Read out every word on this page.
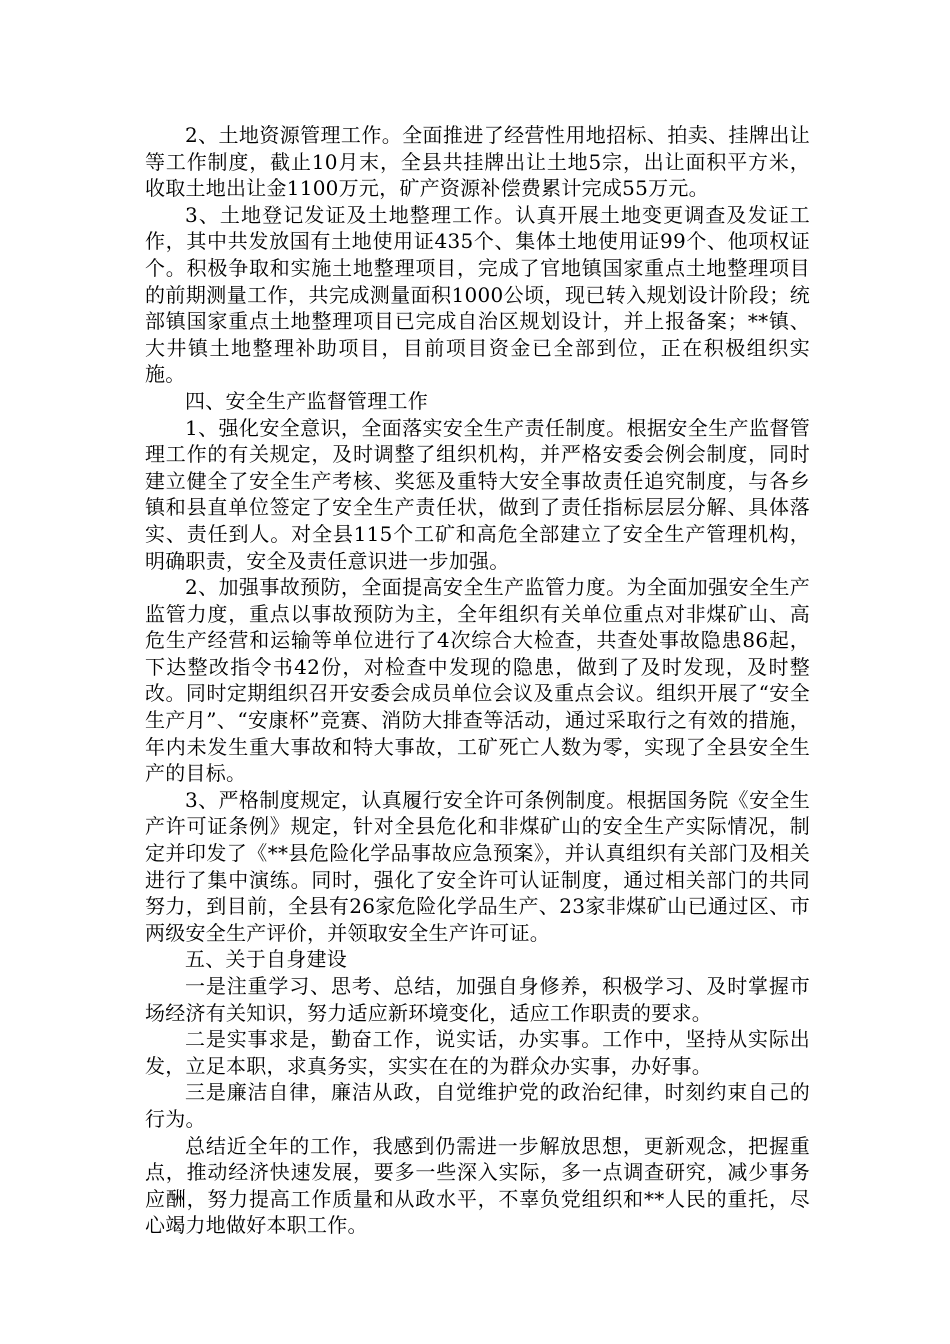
2、土地资源管理工作。全面推进了经营性用地招标、拍卖、挂牌出让等工作制度，截止10月末，全县共挂牌出让土地5宗，出让面积平方米，收取土地出让金1100万元，矿产资源补偿费累计完成55万元。

3、土地登记发证及土地整理工作。认真开展土地变更调查及发证工作，其中共发放国有土地使用证435个、集体土地使用证99个、他项权证个。积极争取和实施土地整理项目，完成了官地镇国家重点土地整理项目的前期测量工作，共完成测量面积1000公顷，现已转入规划设计阶段；统部镇国家重点土地整理项目已完成自治区规划设计，并上报备案；**镇、大井镇土地整理补助项目，目前项目资金已全部到位，正在积极组织实施。

四、安全生产监督管理工作

1、强化安全意识，全面落实安全生产责任制度。根据安全生产监督管理工作的有关规定，及时调整了组织机构，并严格安委会例会制度，同时建立健全了安全生产考核、奖惩及重特大安全事故责任追究制度，与各乡镇和县直单位签定了安全生产责任状，做到了责任指标层层分解、具体落实、责任到人。对全县115个工矿和高危全部建立了安全生产管理机构，明确职责，安全及责任意识进一步加强。

2、加强事故预防，全面提高安全生产监管力度。为全面加强安全生产监管力度，重点以事故预防为主，全年组织有关单位重点对非煤矿山、高危生产经营和运输等单位进行了4次综合大检查，共查处事故隐患86起，下达整改指令书42份，对检查中发现的隐患，做到了及时发现，及时整改。同时定期组织召开安委会成员单位会议及重点会议。组织开展了“安全生产月”、“安康杯”竞赛、消防大排查等活动，通过采取行之有效的措施，年内未发生重大事故和特大事故，工矿死亡人数为零，实现了全县安全生产的目标。

3、严格制度规定，认真履行安全许可条例制度。根据国务院《安全生产许可证条例》规定，针对全县危化和非煤矿山的安全生产实际情况，制定并印发了《**县危险化学品事故应急预案》，并认真组织有关部门及相关进行了集中演练。同时，强化了安全许可认证制度，通过相关部门的共同努力，到目前，全县有26家危险化学品生产、23家非煤矿山已通过区、市两级安全生产评价，并领取安全生产许可证。

五、关于自身建设

一是注重学习、思考、总结，加强自身修养，积极学习、及时掌握市场经济有关知识，努力适应新环境变化，适应工作职责的要求。

二是实事求是，勤奋工作，说实话，办实事。工作中，坚持从实际出发，立足本职，求真务实，实实在在的为群众办实事，办好事。

三是廉洁自律，廉洁从政，自觉维护党的政治纪律，时刻约束自己的行为。

总结近全年的工作，我感到仍需进一步解放思想，更新观念，把握重点，推动经济快速发展，要多一些深入实际，多一点调查研究，减少事务应酬，努力提高工作质量和从政水平，不辜负党组织和**人民的重托，尽心竭力地做好本职工作。
